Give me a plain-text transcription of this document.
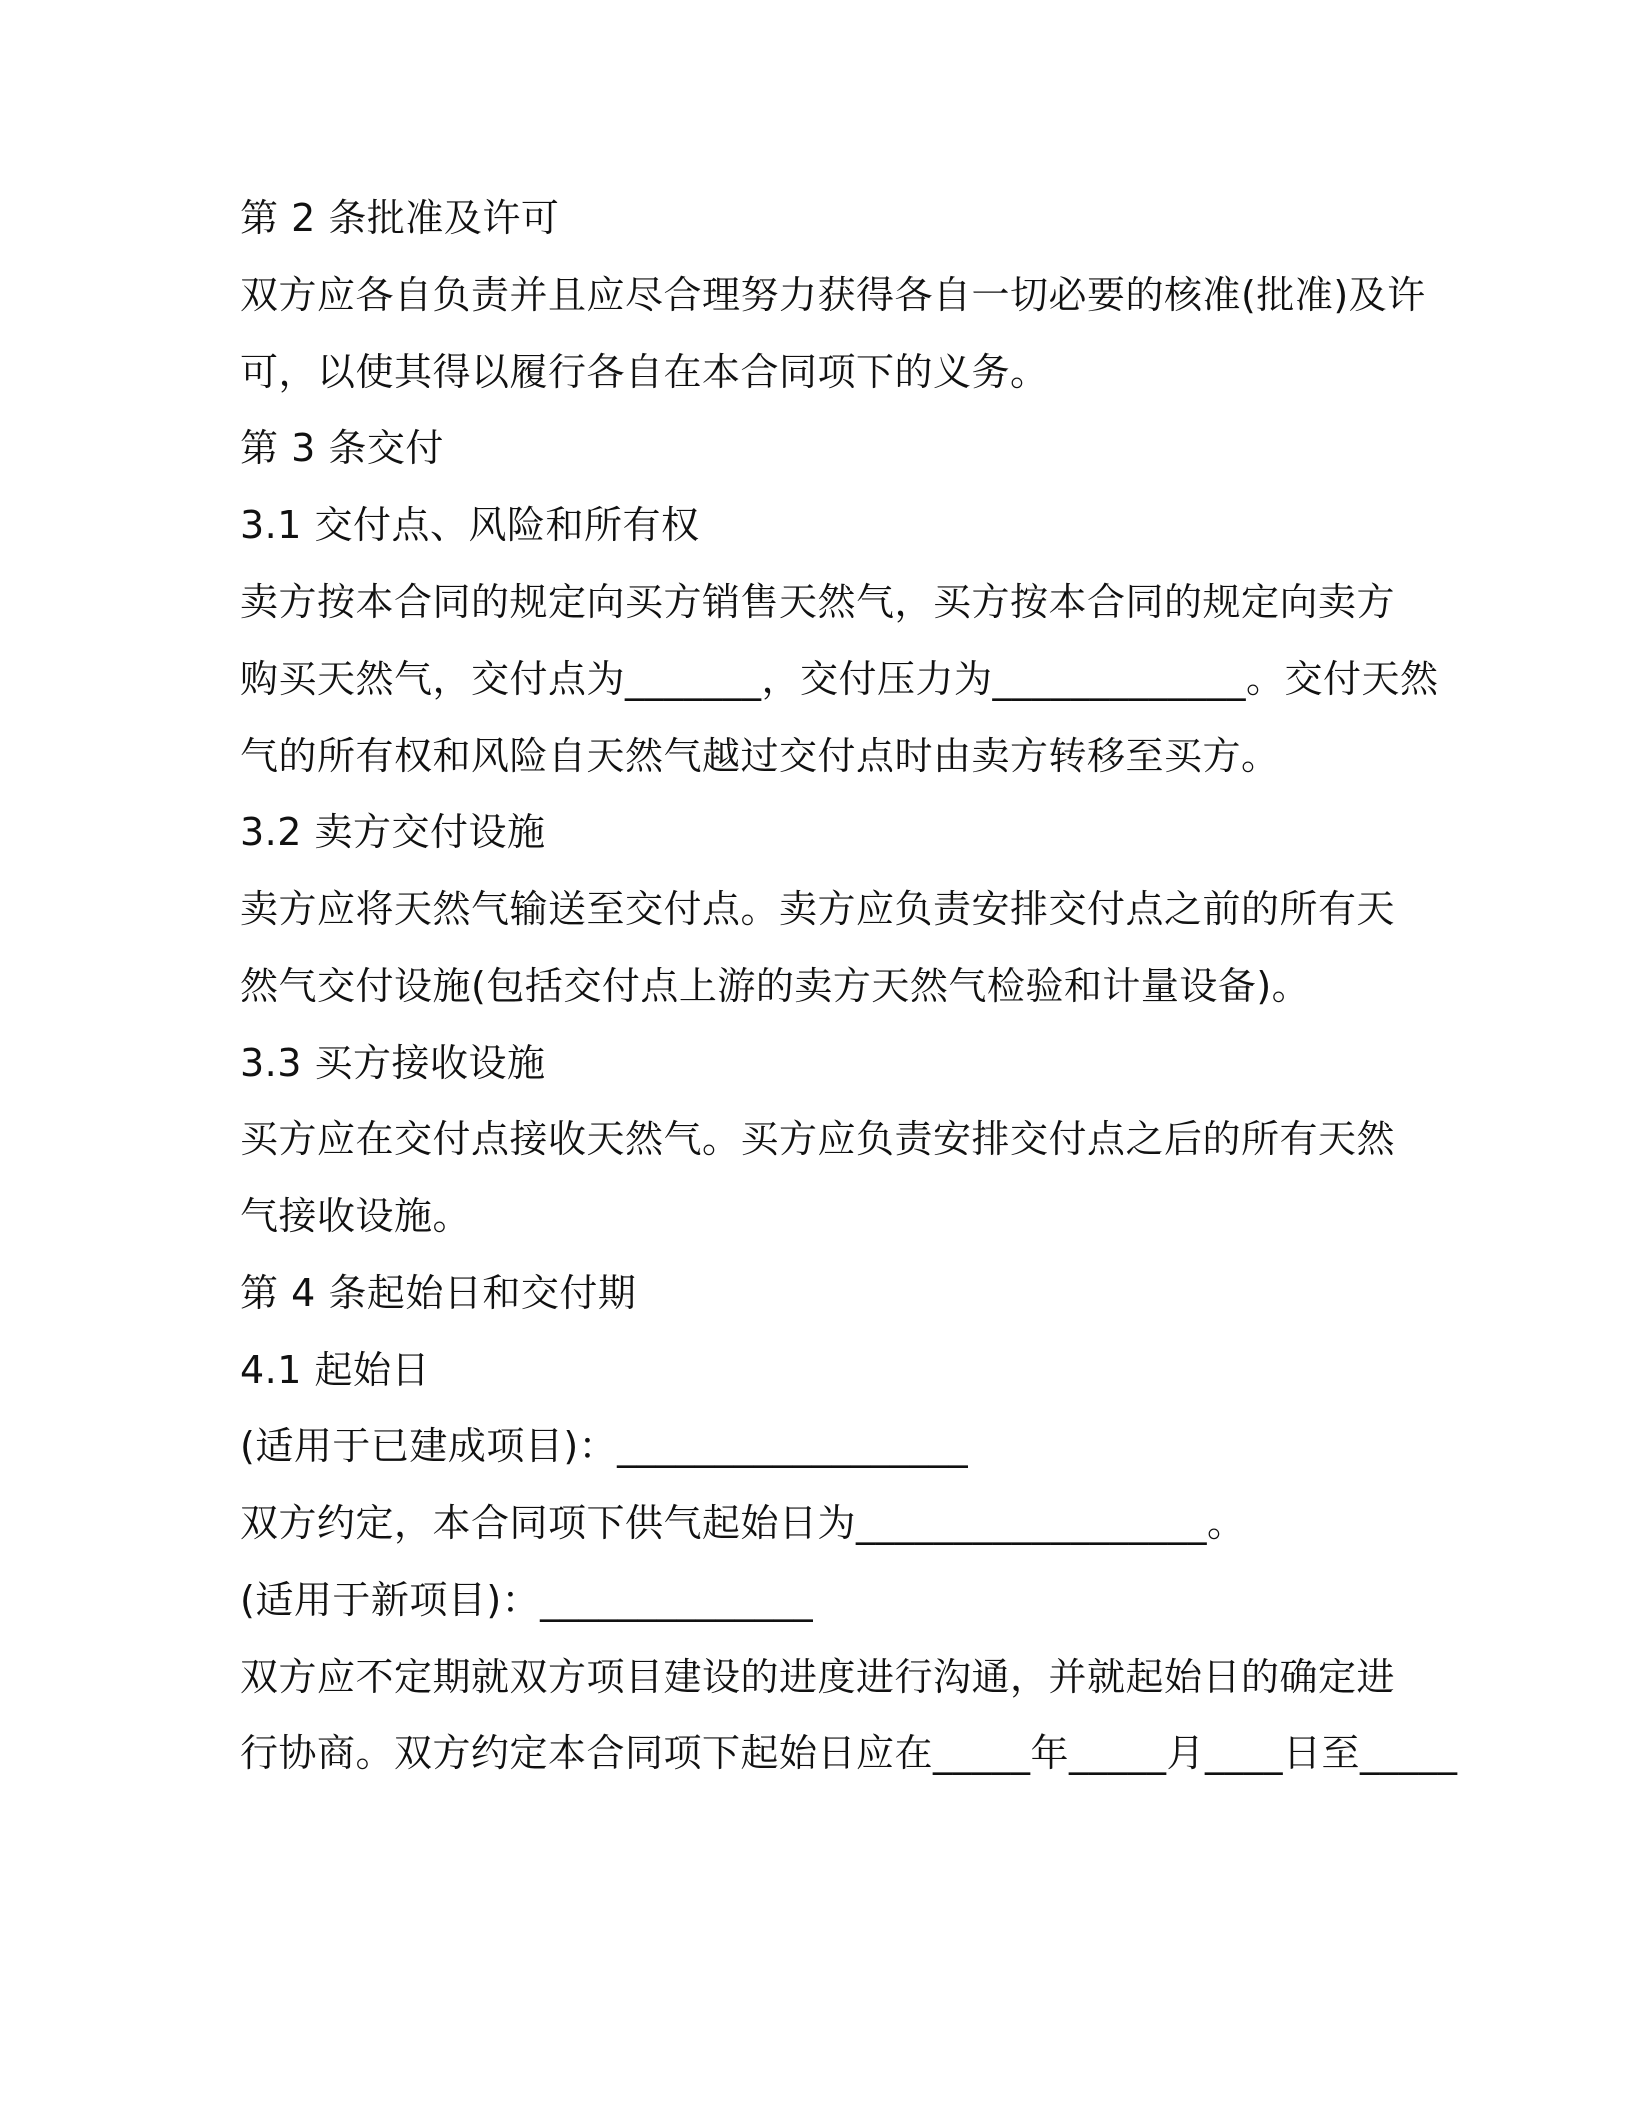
第 2 条批准及许可
双方应各自负责并且应尽合理努力获得各自一切必要的核准(批准)及许
可，以使其得以履行各自在本合同项下的义务。
第 3 条交付
3.1 交付点、风险和所有权
卖方按本合同的规定向买方销售天然气，买方按本合同的规定向卖方
购买天然气，交付点为_______，交付压力为_____________。交付天然
气的所有权和风险自天然气越过交付点时由卖方转移至买方。
3.2 卖方交付设施
卖方应将天然气输送至交付点。卖方应负责安排交付点之前的所有天
然气交付设施(包括交付点上游的卖方天然气检验和计量设备)。
3.3 买方接收设施
买方应在交付点接收天然气。买方应负责安排交付点之后的所有天然
气接收设施。
第 4 条起始日和交付期
4.1 起始日
(适用于已建成项目)：__________________
双方约定，本合同项下供气起始日为__________________。
(适用于新项目)：______________
双方应不定期就双方项目建设的进度进行沟通，并就起始日的确定进
行协商。双方约定本合同项下起始日应在_____年_____月____日至_____
